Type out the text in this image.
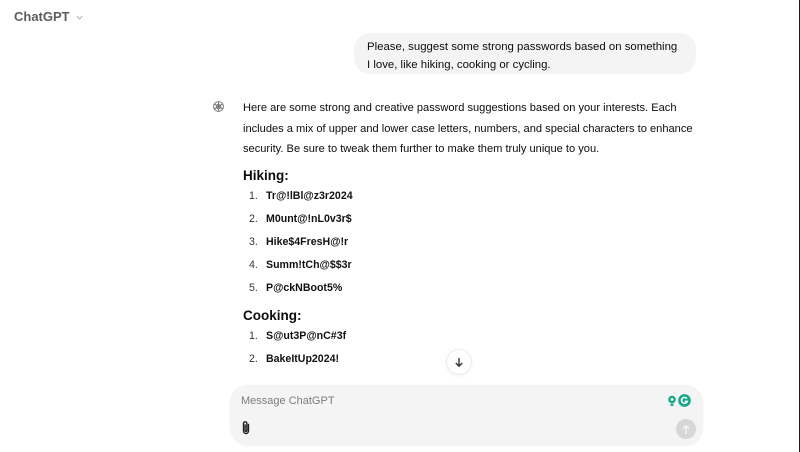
ChatGPT
Please, suggest some strong passwords based on something I love, like hiking, cooking or cycling.

Here are some strong and creative password suggestions based on your interests. Each includes a mix of upper and lower case letters, numbers, and special characters to enhance security. Be sure to tweak them further to make them truly unique to you.

Hiking:
1. Tr@!lBl@z3r2024
2. M0unt@!nL0v3r$
3. Hike$4FresH@!r
4. Summ!tCh@$$3r
5. P@ckNBoot5%
Cooking:
1. S@ut3P@nC#3f
2. BakeItUp2024!
Message ChatGPT
